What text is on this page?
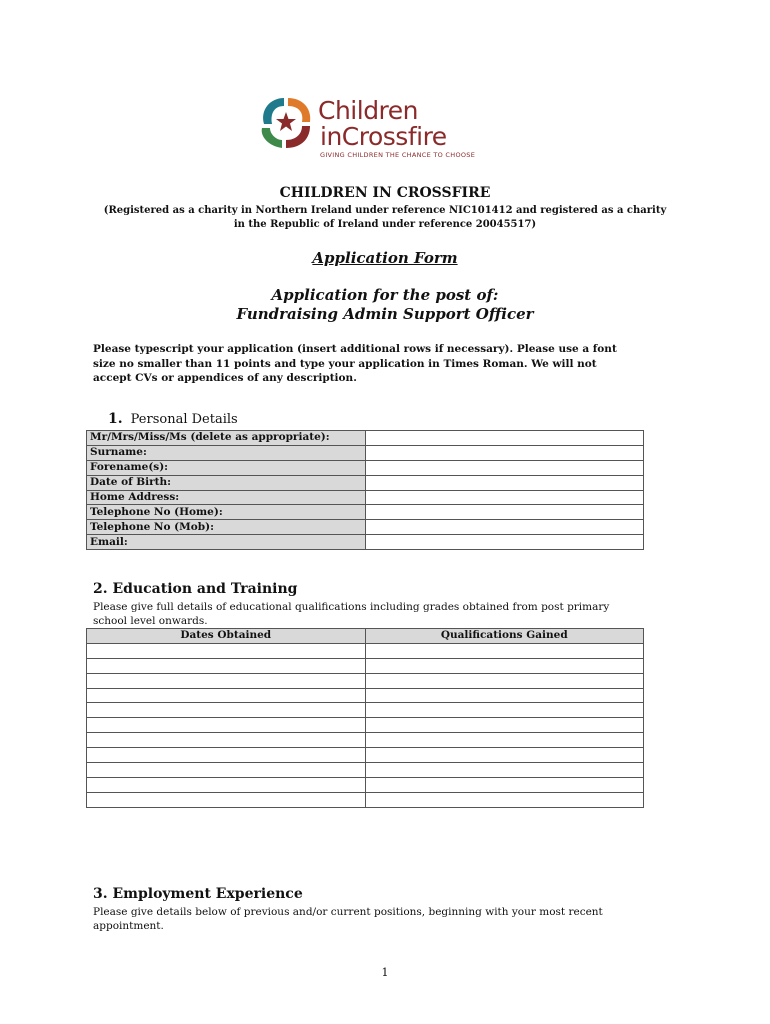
Children
inCrossfire
GIVING CHILDREN THE CHANCE TO CHOOSE
CHILDREN IN CROSSFIRE
(Registered as a charity in Northern Ireland under reference NIC101412 and registered as a charity
in the Republic of Ireland under reference 20045517)
Application Form
Application for the post of:
Fundraising Admin Support Officer
Please typescript your application (insert additional rows if necessary). Please use a font
size no smaller than 11 points and type your application in Times Roman. We will not
accept CVs or appendices of any description.
1. Personal Details
Mr/Mrs/Miss/Ms (delete as appropriate):	
Surname:	
Forename(s):	
Date of Birth:	
Home Address:	
Telephone No (Home):	
Telephone No (Mob):	
Email:	
2. Education and Training
Please give full details of educational qualifications including grades obtained from post primary
school level onwards.
Dates Obtained	Qualifications Gained

3. Employment Experience
Please give details below of previous and/or current positions, beginning with your most recent
appointment.
1
